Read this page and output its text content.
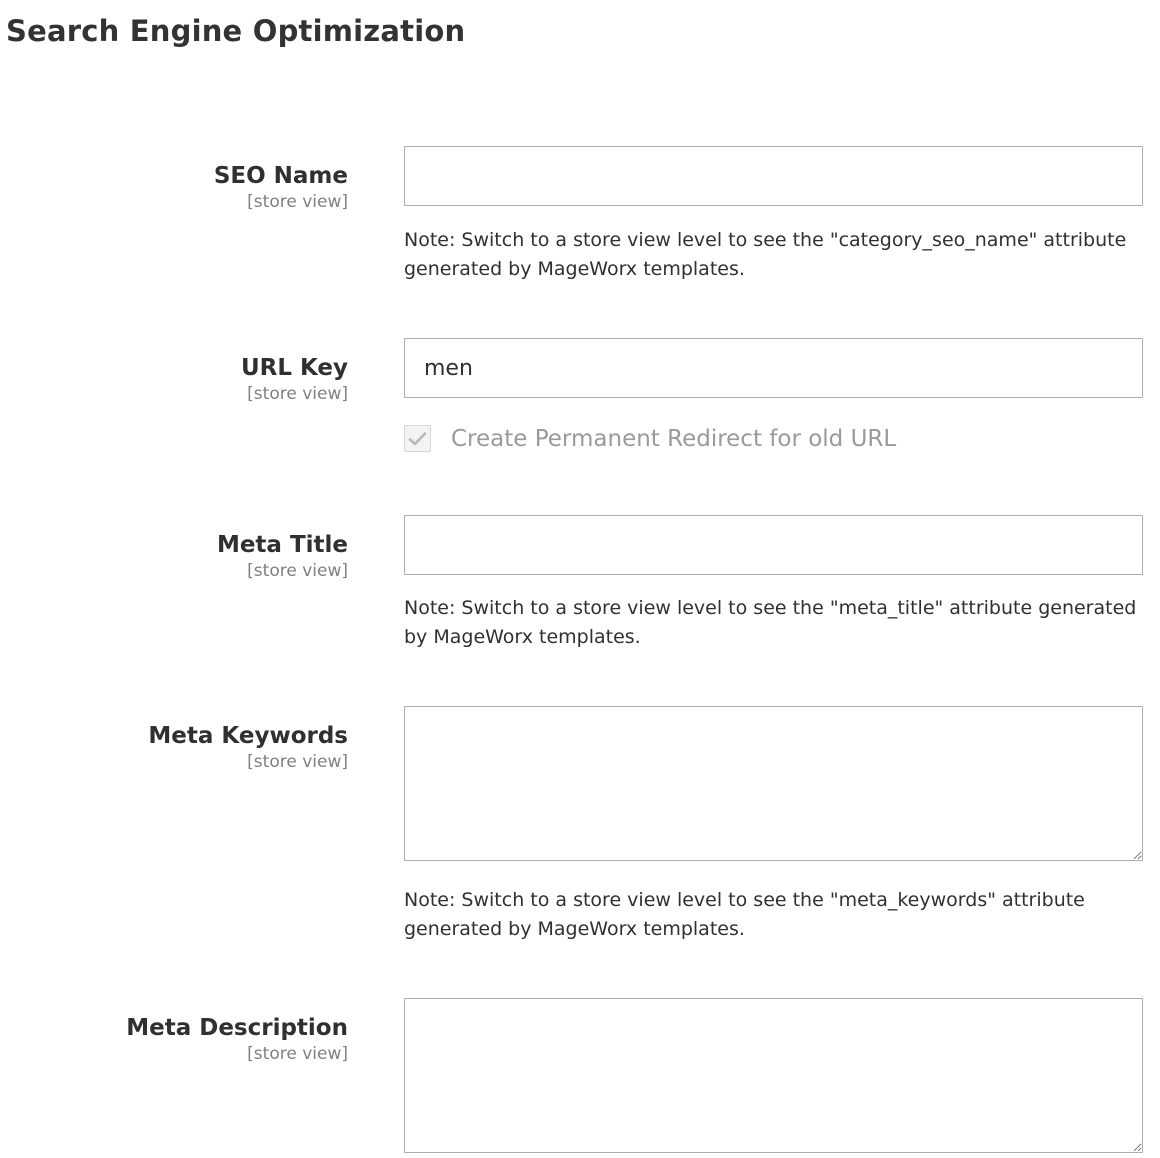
Search Engine Optimization
SEO Name
[store view]
Note: Switch to a store view level to see the "category_seo_name" attribute generated by MageWorx templates.
URL Key
[store view]
men
Create Permanent Redirect for old URL
Meta Title
[store view]
Note: Switch to a store view level to see the "meta_title" attribute generated by MageWorx templates.
Meta Keywords
[store view]
Note: Switch to a store view level to see the "meta_keywords" attribute generated by MageWorx templates.
Meta Description
[store view]
